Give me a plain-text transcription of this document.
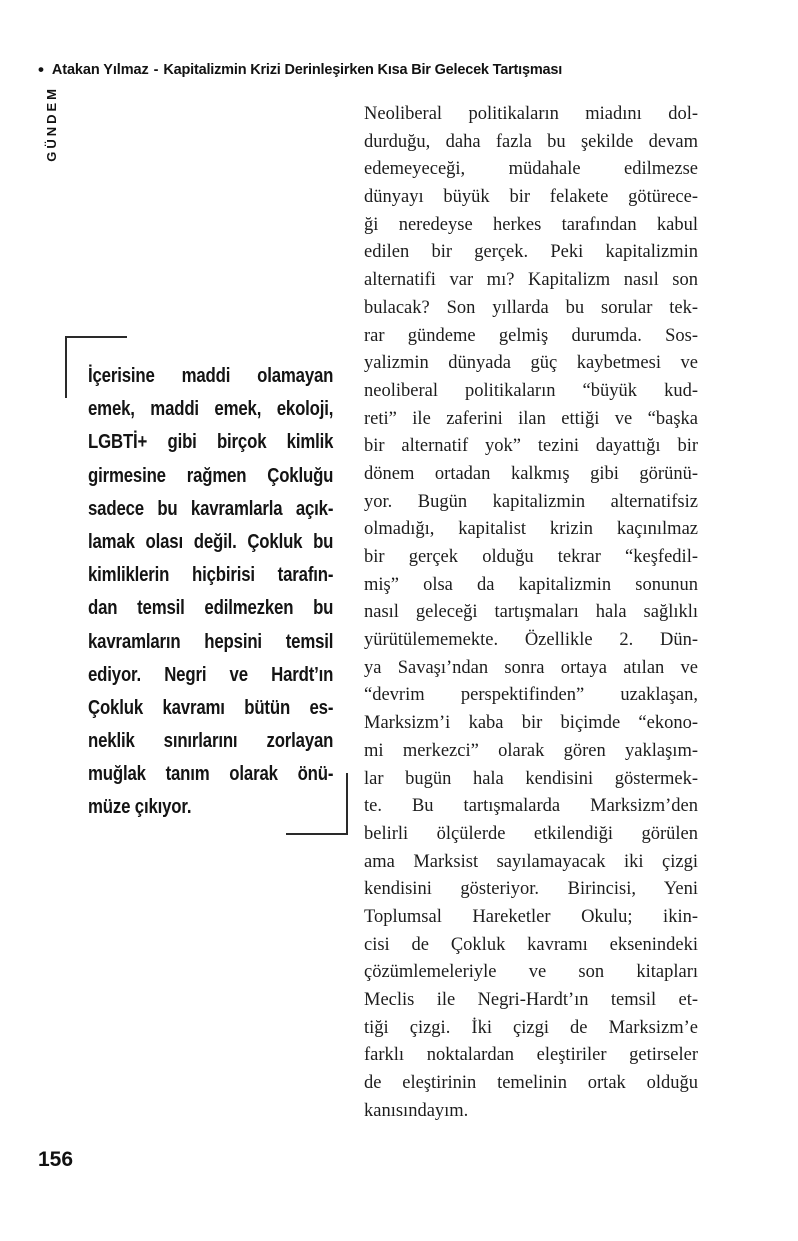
• Atakan Yılmaz - Kapitalizmin Krizi Derinleşirken Kısa Bir Gelecek Tartışması
GÜNDEM
İçerisine maddi olamayan
emek, maddi emek, ekoloji,
LGBTİ+ gibi birçok kimlik
girmesine rağmen Çokluğu
sadece bu kavramlarla açık-
lamak olası değil. Çokluk bu
kimliklerin hiçbirisi tarafın-
dan temsil edilmezken bu
kavramların hepsini temsil
ediyor. Negri ve Hardt’ın
Çokluk kavramı bütün es-
neklik sınırlarını zorlayan
muğlak tanım olarak önü-
müze çıkıyor.
Neoliberal politikaların miadını dol-
durduğu, daha fazla bu şekilde devam
edemeyeceği, müdahale edilmezse
dünyayı büyük bir felakete götürece-
ği neredeyse herkes tarafından kabul
edilen bir gerçek. Peki kapitalizmin
alternatifi var mı? Kapitalizm nasıl son
bulacak? Son yıllarda bu sorular tek-
rar gündeme gelmiş durumda. Sos-
yalizmin dünyada güç kaybetmesi ve
neoliberal politikaların “büyük kud-
reti” ile zaferini ilan ettiği ve “başka
bir alternatif yok” tezini dayattığı bir
dönem ortadan kalkmış gibi görünü-
yor. Bugün kapitalizmin alternatifsiz
olmadığı, kapitalist krizin kaçınılmaz
bir gerçek olduğu tekrar “keşfedil-
miş” olsa da kapitalizmin sonunun
nasıl geleceği tartışmaları hala sağlıklı
yürütülememekte. Özellikle 2. Dün-
ya Savaşı’ndan sonra ortaya atılan ve
“devrim perspektifinden” uzaklaşan,
Marksizm’i kaba bir biçimde “ekono-
mi merkezci” olarak gören yaklaşım-
lar bugün hala kendisini göstermek-
te. Bu tartışmalarda Marksizm’den
belirli ölçülerde etkilendiği görülen
ama Marksist sayılamayacak iki çizgi
kendisini gösteriyor. Birincisi, Yeni
Toplumsal Hareketler Okulu; ikin-
cisi de Çokluk kavramı eksenindeki
çözümlemeleriyle ve son kitapları
Meclis ile Negri-Hardt’ın temsil et-
tiği çizgi. İki çizgi de Marksizm’e
farklı noktalardan eleştiriler getirseler
de eleştirinin temelinin ortak olduğu
kanısındayım.
156
